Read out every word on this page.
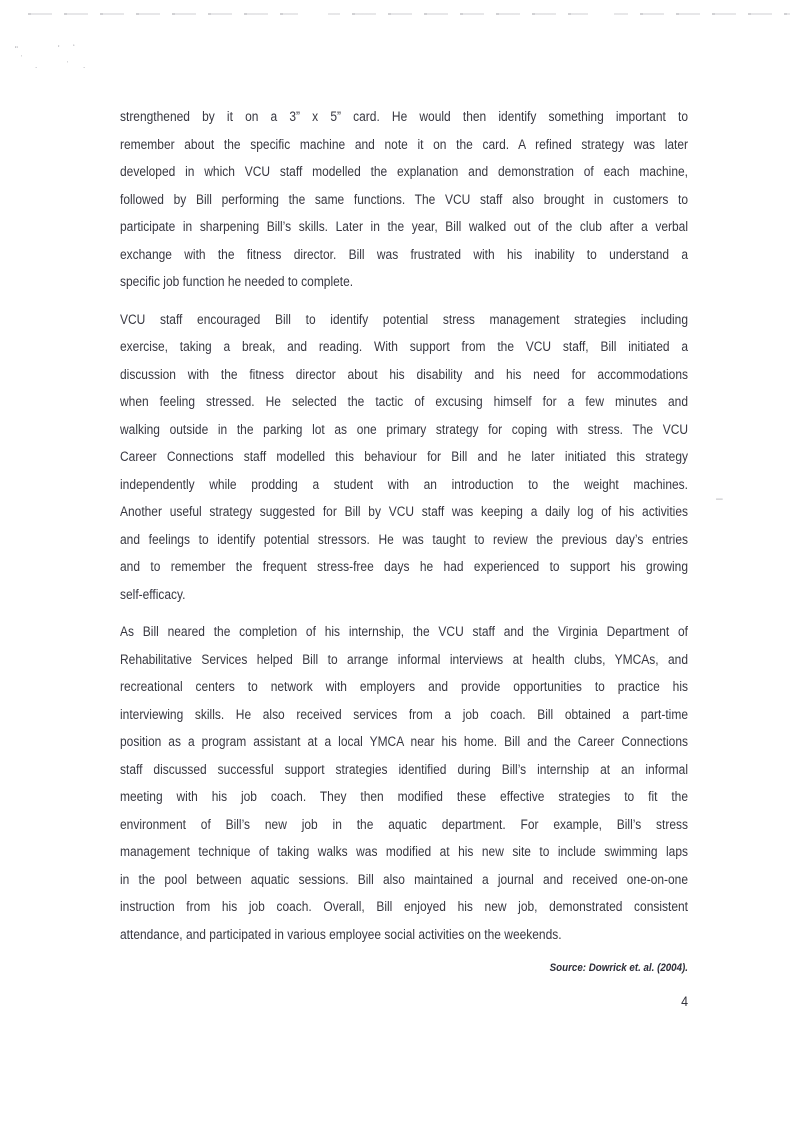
ʺ
ˈ
.
ʹ ʻ
ˈ .
–
strengthened by it on a 3” x 5” card. He would then identify something important to
remember about the specific machine and note it on the card. A refined strategy was later
developed in which VCU staff modelled the explanation and demonstration of each machine,
followed by Bill performing the same functions. The VCU staff also brought in customers to
participate in sharpening Bill’s skills. Later in the year, Bill walked out of the club after a verbal
exchange with the fitness director. Bill was frustrated with his inability to understand a
specific job function he needed to complete.
VCU staff encouraged Bill to identify potential stress management strategies including
exercise, taking a break, and reading. With support from the VCU staff, Bill initiated a
discussion with the fitness director about his disability and his need for accommodations
when feeling stressed. He selected the tactic of excusing himself for a few minutes and
walking outside in the parking lot as one primary strategy for coping with stress. The VCU
Career Connections staff modelled this behaviour for Bill and he later initiated this strategy
independently while prodding a student with an introduction to the weight machines.
Another useful strategy suggested for Bill by VCU staff was keeping a daily log of his activities
and feelings to identify potential stressors. He was taught to review the previous day’s entries
and to remember the frequent stress-free days he had experienced to support his growing
self-efficacy.
As Bill neared the completion of his internship, the VCU staff and the Virginia Department of
Rehabilitative Services helped Bill to arrange informal interviews at health clubs, YMCAs, and
recreational centers to network with employers and provide opportunities to practice his
interviewing skills. He also received services from a job coach. Bill obtained a part-time
position as a program assistant at a local YMCA near his home. Bill and the Career Connections
staff discussed successful support strategies identified during Bill’s internship at an informal
meeting with his job coach. They then modified these effective strategies to fit the
environment of Bill’s new job in the aquatic department. For example, Bill’s stress
management technique of taking walks was modified at his new site to include swimming laps
in the pool between aquatic sessions. Bill also maintained a journal and received one-on-one
instruction from his job coach. Overall, Bill enjoyed his new job, demonstrated consistent
attendance, and participated in various employee social activities on the weekends.
Source: Dowrick et. al. (2004).
4
